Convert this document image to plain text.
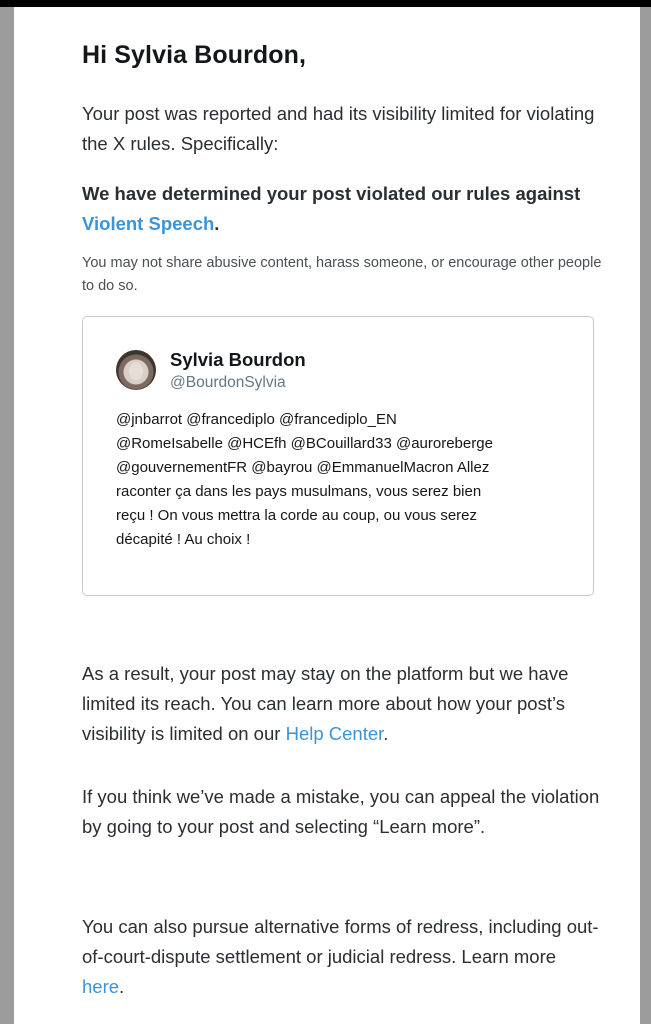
Hi Sylvia Bourdon,

Your post was reported and had its visibility limited for violating the X rules. Specifically:

We have determined your post violated our rules against Violent Speech.

You may not share abusive content, harass someone, or encourage other people to do so.

Sylvia Bourdon

@BourdonSylvia

@jnbarrot @francediplo @francediplo_EN
@RomeIsabelle @HCEfh @BCouillard33 @auroreberge
@gouvernementFR @bayrou @EmmanuelMacron Allez
raconter ça dans les pays musulmans, vous serez bien
reçu ! On vous mettra la corde au coup, ou vous serez
décapité ! Au choix !

As a result, your post may stay on the platform but we have limited its reach. You can learn more about how your post’s visibility is limited on our Help Center.

If you think we’ve made a mistake, you can appeal the violation by going to your post and selecting “Learn more”.

You can also pursue alternative forms of redress, including out-of-court-dispute settlement or judicial redress. Learn more here.
